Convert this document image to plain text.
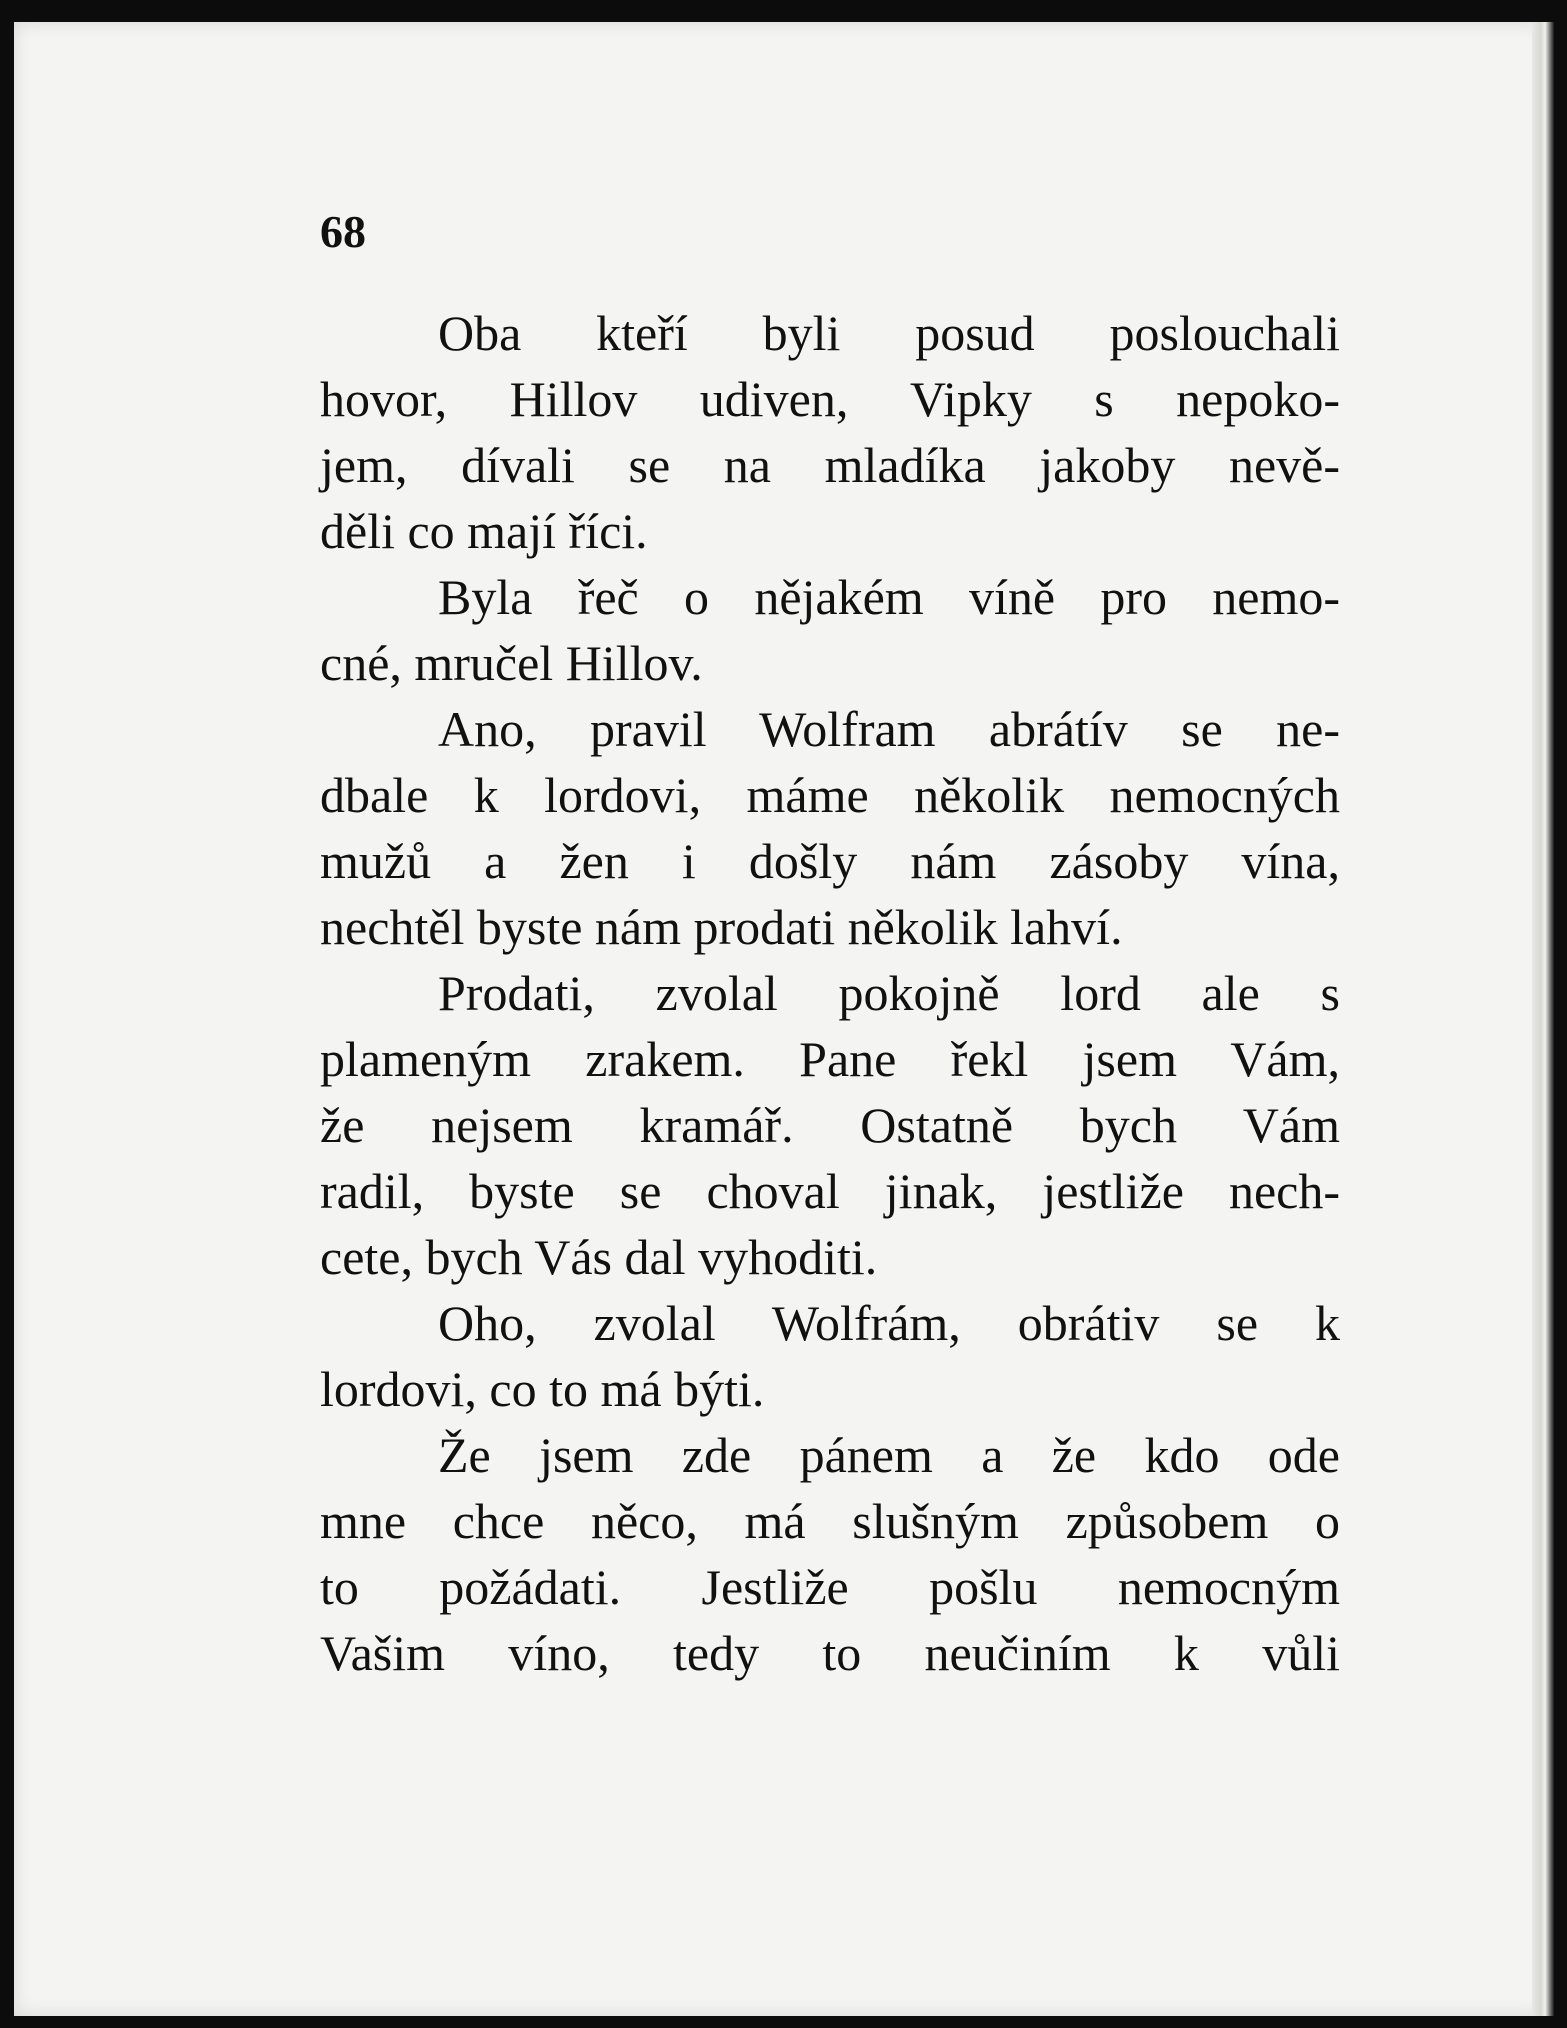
68
Oba kteří byli posud poslouchali
hovor, Hillov udiven, Vipky s nepoko-
jem, dívali se na mladíka jakoby nevě-
děli co mají říci.
Byla řeč o nějakém víně pro nemo-
cné, mručel Hillov.
Ano, pravil Wolfram abrátív se ne-
dbale k lordovi, máme několik nemocných
mužů a žen i došly nám zásoby vína,
nechtěl byste nám prodati několik lahví.
Prodati, zvolal pokojně lord ale s
plameným zrakem. Pane řekl jsem Vám,
že nejsem kramář. Ostatně bych Vám
radil, byste se choval jinak, jestliže nech-
cete, bych Vás dal vyhoditi.
Oho, zvolal Wolfrám, obrátiv se k
lordovi, co to má býti.
Že jsem zde pánem a že kdo ode
mne chce něco, má slušným způsobem o
to požádati. Jestliže pošlu nemocným
Vašim víno, tedy to neučiním k vůli
